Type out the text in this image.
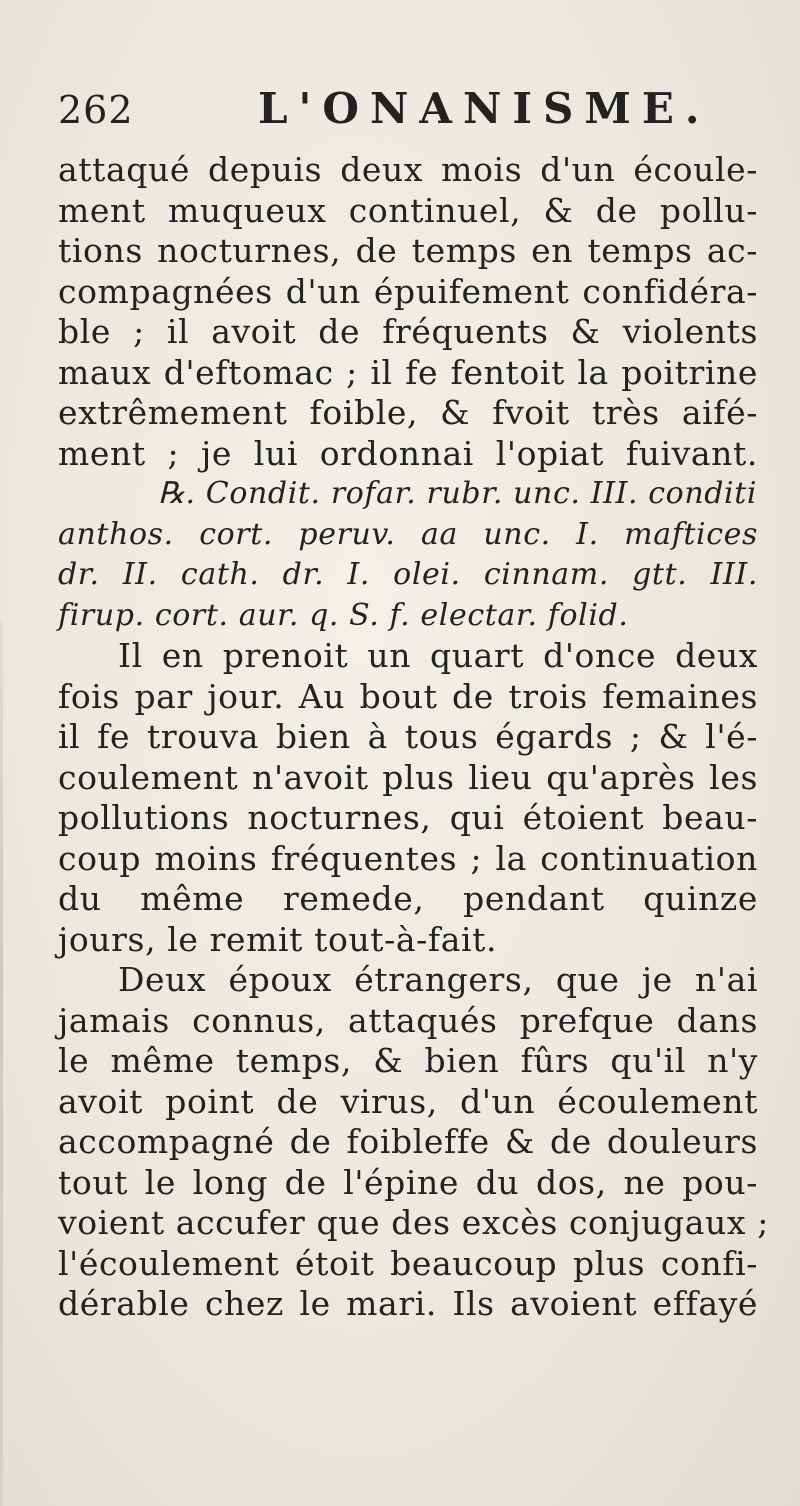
262	L'ONANISME.
attaqué depuis deux mois d'un écoule-
ment muqueux continuel, & de pollu-
tions nocturnes, de temps en temps ac-
compagnées d'un épuifement confidéra-
ble ; il avoit de fréquents & violents
maux d'eftomac ; il fe fentoit la poitrine
extrêmement foible, & fvoit très aifé-
ment ; je lui ordonnai l'opiat fuivant.
℞. Condit. rofar. rubr. unc. III. conditi
anthos. cort. peruv. aa unc. I. maftices
dr. II. cath. dr. I. olei. cinnam. gtt. III.
firup. cort. aur. q. S. f. electar. folid.
Il en prenoit un quart d'once deux
fois par jour. Au bout de trois femaines
il fe trouva bien à tous égards ; & l'é-
coulement n'avoit plus lieu qu'après les
pollutions nocturnes, qui étoient beau-
coup moins fréquentes ; la continuation
du même remede, pendant quinze
jours, le remit tout-à-fait.
Deux époux étrangers, que je n'ai
jamais connus, attaqués prefque dans
le même temps, & bien fûrs qu'il n'y
avoit point de virus, d'un écoulement
accompagné de foibleffe & de douleurs
tout le long de l'épine du dos, ne pou-
voient accufer que des excès conjugaux ;
l'écoulement étoit beaucoup plus confi-
dérable chez le mari. Ils avoient effayé
